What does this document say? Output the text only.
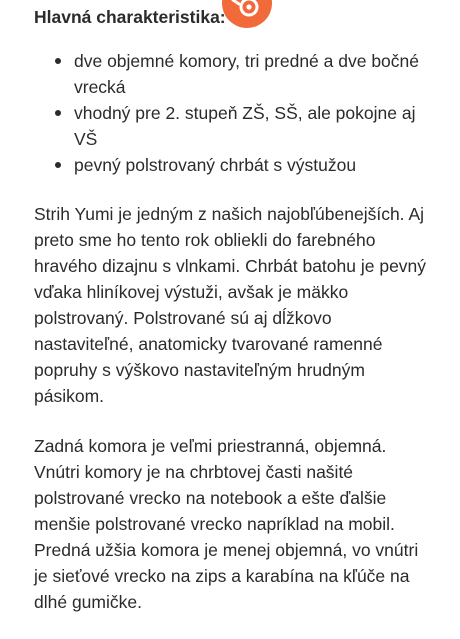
Hlavná charakteristika:
dve objemné komory, tri predné a dve bočné vrecká
vhodný pre 2. stupeň ZŠ, SŠ, ale pokojne aj VŠ
pevný polstrovaný chrbát s výstužou

Strih Yumi je jedným z našich najobľúbenejších. Aj preto sme ho tento rok obliekli do farebného hravého dizajnu s vlnkami. Chrbát batohu je pevný vďaka hliníkovej výstuži, avšak je mäkko polstrovaný. Polstrované sú aj dĺžkovo nastaviteľné, anatomicky tvarované ramenné popruhy s výškovo nastaviteľným hrudným pásikom.

Zadná komora je veľmi priestranná, objemná. Vnútri komory je na chrbtovej časti našité polstrované vrecko na notebook a ešte ďalšie menšie polstrované vrecko napríklad na mobil. Predná užšia komora je menej objemná, vo vnútri je sieťové vrecko na zips a karabína na kľúče na dlhé gumičke.
